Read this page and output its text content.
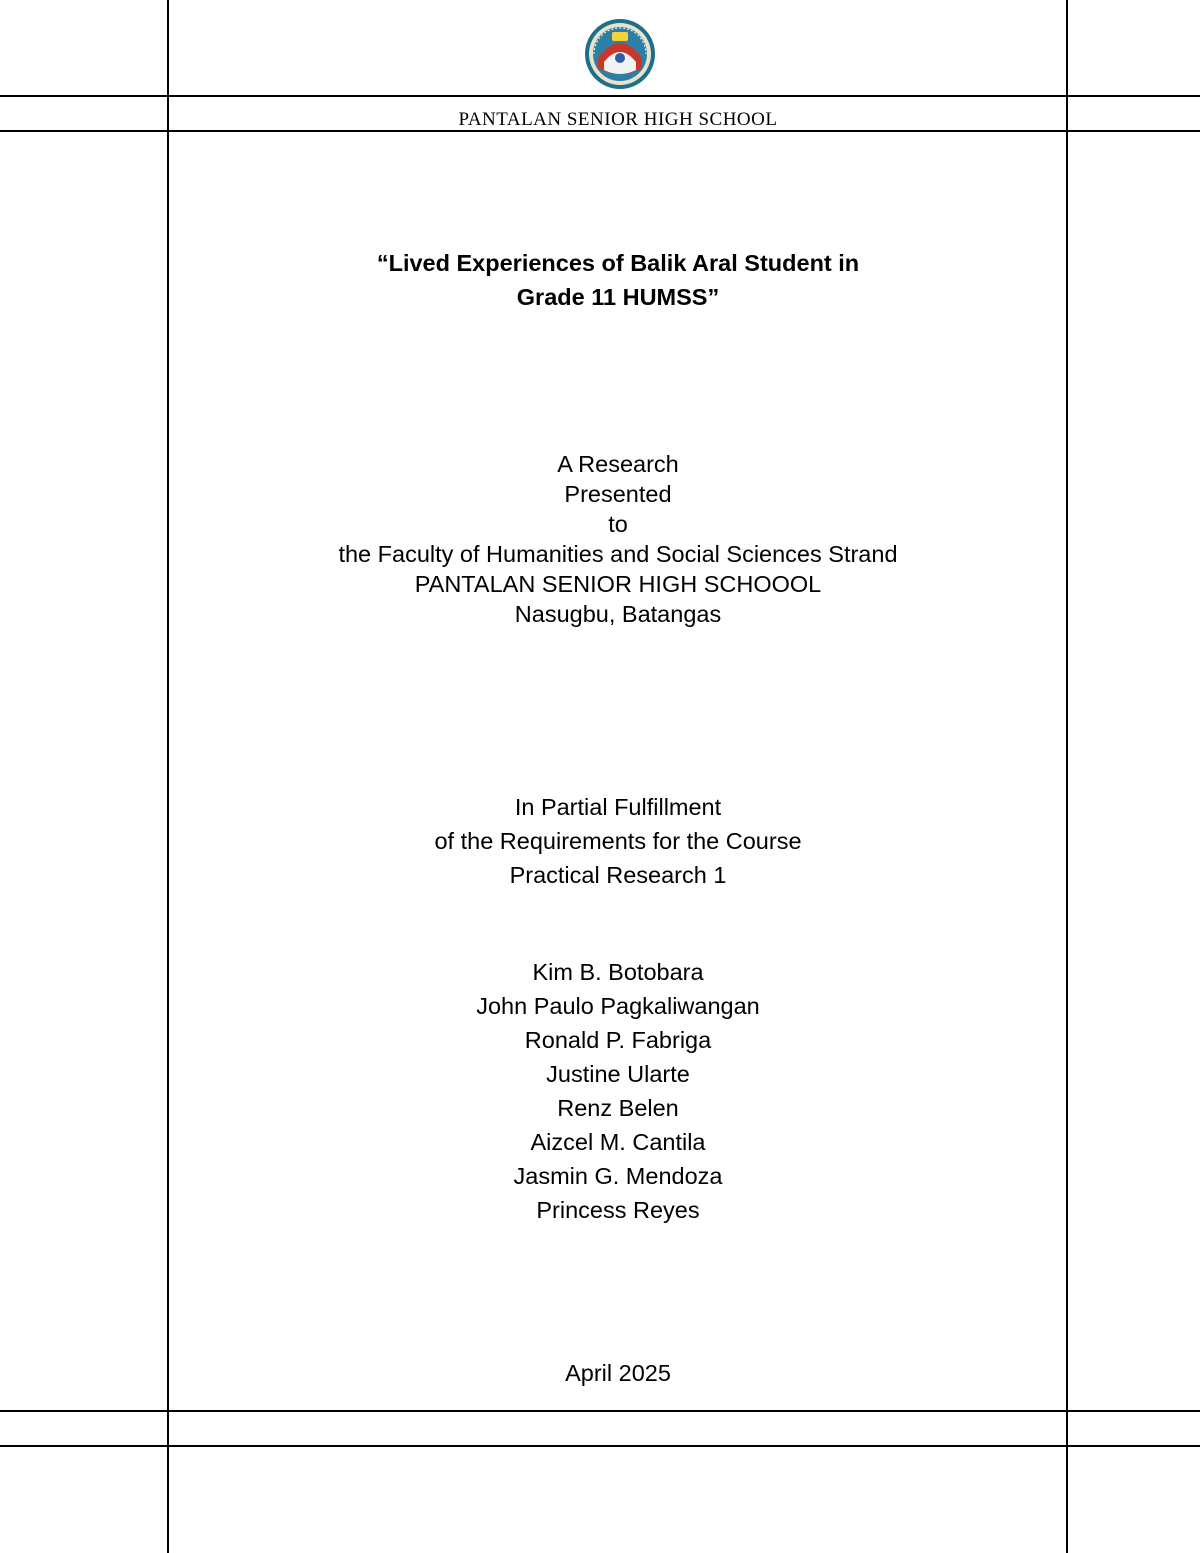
PANTALAN SENIOR HIGH SCHOOL
“Lived Experiences of Balik Aral Student in
Grade 11 HUMSS”
A Research
Presented
to
the Faculty of Humanities and Social Sciences Strand
PANTALAN SENIOR HIGH SCHOOOL
Nasugbu, Batangas
In Partial Fulfillment
of the Requirements for the Course
Practical Research 1
Kim B. Botobara
John Paulo Pagkaliwangan
Ronald P. Fabriga
Justine Ularte
Renz Belen
Aizcel M. Cantila
Jasmin G. Mendoza
Princess Reyes
April 2025
